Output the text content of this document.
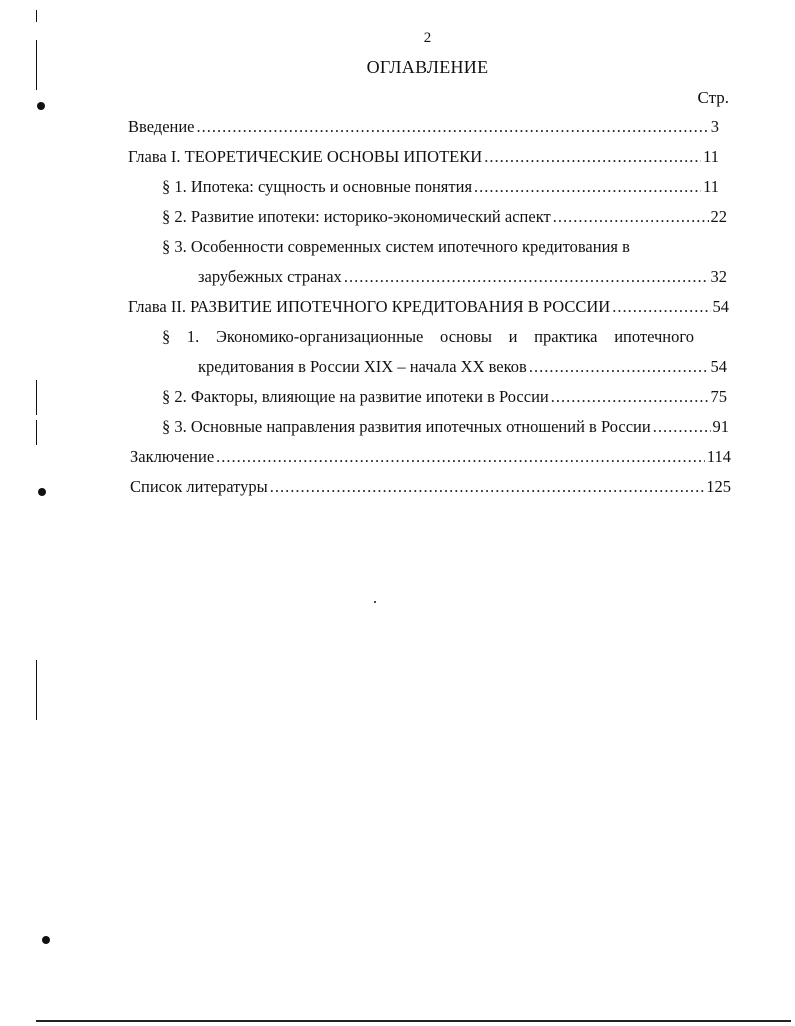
2
ОГЛАВЛЕНИЕ
Стр.
Введение .....	3
Глава I. ТЕОРЕТИЧЕСКИЕ ОСНОВЫ ИПОТЕКИ .....	11
§ 1. Ипотека: сущность и основные понятия .....	11
§ 2. Развитие ипотеки: историко-экономический аспект .....	22
§ 3. Особенности современных систем ипотечного кредитования в
зарубежных странах .....	32
Глава II. РАЗВИТИЕ ИПОТЕЧНОГО КРЕДИТОВАНИЯ В РОССИИ .....	54
§ 1. Экономико-организационные основы и практика ипотечного
кредитования в России XIX – начала XX веков .....	54
§ 2. Факторы, влияющие на развитие ипотеки в России .....	75
§ 3. Основные направления развития ипотечных отношений в России .....	91
Заключение .....	114
Список литературы .....	125
